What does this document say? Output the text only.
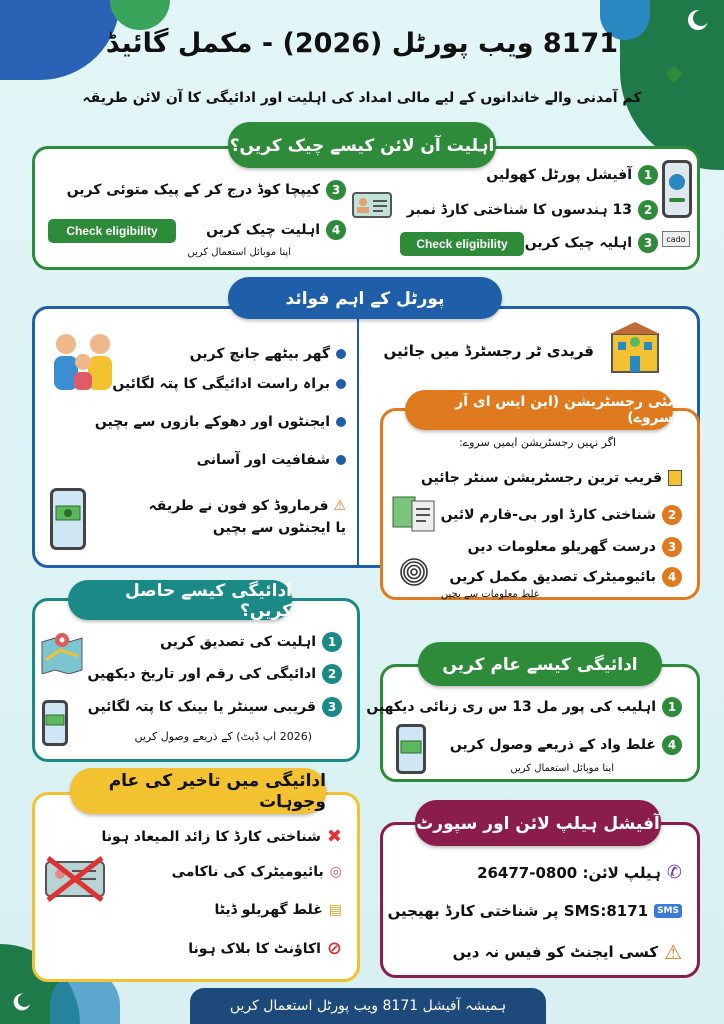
8171 ویب پورٹل (2026) - مکمل گائیڈ
کم آمدنی والے خاندانوں کے لیے مالی امداد کی اہلیت اور ادائیگی کا آن لائن طریقہ
اہلیت آن لائن کیسے چیک کریں؟
1
آفیشل پورٹل کھولیں
2
13 ہندسوں کا شناختی کارڈ نمبر
3
اہلیہ چیک کریں
Check eligibility	cado
3
کیپچا کوڈ درج کر کے پیک متوئی کریں
4
اہلیت چیک کریں
Check eligibility
اپنا موبائل استعمال کریں
پورٹل کے اہم فوائد
گھر بیٹھے جانچ کریں
براہ راست ادائیگی کا پتہ لگائیں
ایجنٹوں اور دھوکے بازوں سے بچیں
شفافیت اور آسانی
⚠ فرماروڈ کو فون نے طریقہ یا ایجنٹوں سے بچیں
قریدی ٹر رجسٹرڈ میں جائیں
نئی رجسٹریشن (این ایس ای آر سروے)
اگر نہیں رجسٹریشن ایمیں سروے:
قریب ترین رجسٹریشن سنٹر جائیں
2
شناختی کارڈ اور بی-فارم لائیں
3
درست گھریلو معلومات دیں
4
بائیومیٹرک تصدیق مکمل کریں
غلط معلومات سے بچیں
ادائیگی کیسے حاصل کریں؟
1
اہلیت کی تصدیق کریں
2
ادائیگی کی رقم اور تاریخ دیکھیں
3
قریبی سینٹر یا بینک کا پتہ لگائیں
(2026 اپ ڈیٹ) کے ذریعے وصول کریں
ادائیگی کیسے عام کریں
1
اہلیب کی پور مل 13 س ری زنائی دیکھیں
4
غلط واد کے ذریعے وصول کریں
اپنا موبائل استعمال کریں
ادائیگی میں تاخیر کی عام وجوہات
✖
شناختی کارڈ کا زائد المیعاد ہونا
◎
بائیومیٹرک کی ناکامی
▤
غلط گھریلو ڈیٹا
⊘
اکاؤنٹ کا بلاک ہونا
آفیشل ہیلپ لائن اور سپورٹ
✆
ہیلپ لائن: 0800-26477
SMS
SMS:8171 پر شناختی کارڈ بھیجیں
⚠
کسی ایجنٹ کو فیس نہ دیں
ہمیشہ آفیشل 8171 ویب پورٹل استعمال کریں
